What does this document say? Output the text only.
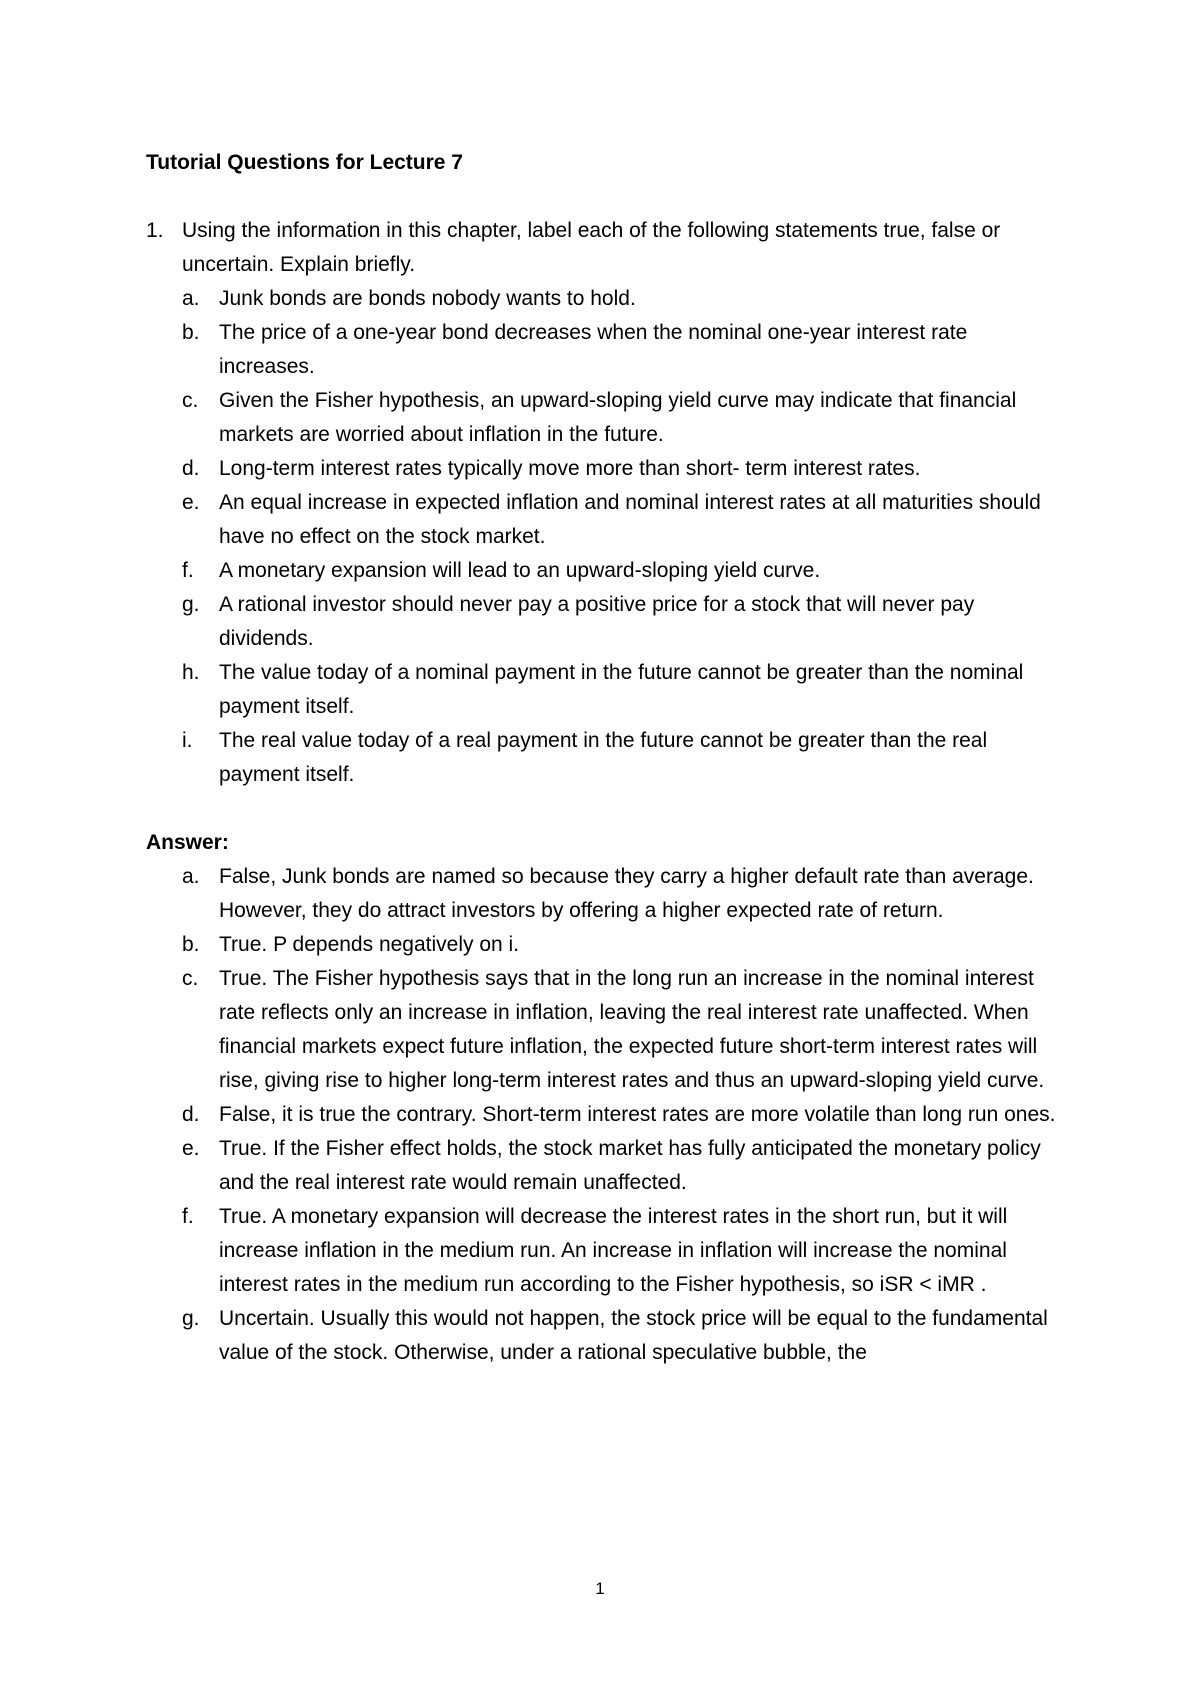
Tutorial Questions for Lecture 7

1. Using the information in this chapter, label each of the following statements true, false or uncertain. Explain briefly.
a. Junk bonds are bonds nobody wants to hold.
b. The price of a one-year bond decreases when the nominal one-year interest rate increases.
c. Given the Fisher hypothesis, an upward-sloping yield curve may indicate that financial markets are worried about inflation in the future.
d. Long-term interest rates typically move more than short- term interest rates.
e. An equal increase in expected inflation and nominal interest rates at all maturities should have no effect on the stock market.
f.	A monetary expansion will lead to an upward-sloping yield curve.
g. A rational investor should never pay a positive price for a stock that will never pay dividends.
h. The value today of a nominal payment in the future cannot be greater than the nominal payment itself.
i.	The real value today of a real payment in the future cannot be greater than the real payment itself.

Answer:

a. False, Junk bonds are named so because they carry a higher default rate than average. However, they do attract investors by offering a higher expected rate of return.
b. True. P depends negatively on i.
c. True. The Fisher hypothesis says that in the long run an increase in the nominal interest rate reflects only an increase in inflation, leaving the real interest rate unaffected. When financial markets expect future inflation, the expected future short-term interest rates will rise, giving rise to higher long-term interest rates and thus an upward-sloping yield curve.
d. False, it is true the contrary. Short-term interest rates are more volatile than long run ones.
e. True. If the Fisher effect holds, the stock market has fully anticipated the monetary policy and the real interest rate would remain unaffected.
f.	True. A monetary expansion will decrease the interest rates in the short run, but it will increase inflation in the medium run. An increase in inflation will increase the nominal interest rates in the medium run according to the Fisher hypothesis, so iSR < iMR .
g. Uncertain. Usually this would not happen, the stock price will be equal to the fundamental value of the stock. Otherwise, under a rational speculative bubble, the
1
